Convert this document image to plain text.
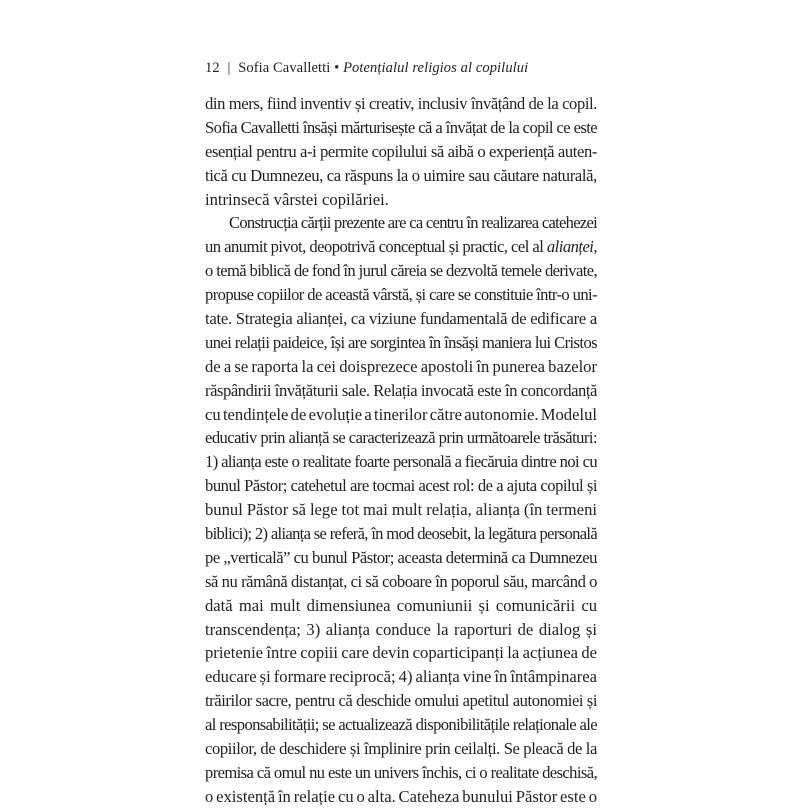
12 | Sofia Cavalletti • Potențialul religios al copilului
din mers, fiind inventiv și creativ, inclusiv învățând de la copil.
Sofia Cavalletti însăși mărturisește că a învățat de la copil ce este
esențial pentru a-i permite copilului să aibă o experiență auten-
tică cu Dumnezeu, ca răspuns la o uimire sau căutare naturală,
intrinsecă vârstei copilăriei.
Construcția cărții prezente are ca centru în realizarea catehezei
un anumit pivot, deopotrivă conceptual și practic, cel al alianței,
o temă biblică de fond în jurul căreia se dezvoltă temele derivate,
propuse copiilor de această vârstă, și care se constituie într-o uni-
tate. Strategia alianței, ca viziune fundamentală de edificare a
unei relații paideice, își are sorgintea în însăși maniera lui Cristos
de a se raporta la cei doisprezece apostoli în punerea bazelor
răspândirii învățăturii sale. Relația invocată este în concordanță
cu tendințele de evoluție a tinerilor către autonomie. Modelul
educativ prin alianță se caracterizează prin următoarele trăsături:
1) alianța este o realitate foarte personală a fiecăruia dintre noi cu
bunul Păstor; catehetul are tocmai acest rol: de a ajuta copilul și
bunul Păstor să lege tot mai mult relația, alianța (în termeni
biblici); 2) alianța se referă, în mod deosebit, la legătura personală
pe „verticală” cu bunul Păstor; aceasta determină ca Dumnezeu
să nu rămână distanțat, ci să coboare în poporul său, marcând o
dată mai mult dimensiunea comuniunii și comunicării cu
transcendența; 3) alianța conduce la raporturi de dialog și
prietenie între copiii care devin coparticipanți la acțiunea de
educare și formare reciprocă; 4) alianța vine în întâmpinarea
trăirilor sacre, pentru că deschide omului apetitul autonomiei și
al responsabilității; se actualizează disponibilitățile relaționale ale
copiilor, de deschidere și împlinire prin ceilalți. Se pleacă de la
premisa că omul nu este un univers închis, ci o realitate deschisă,
o existență în relație cu o alta. Cateheza bunului Păstor este o
